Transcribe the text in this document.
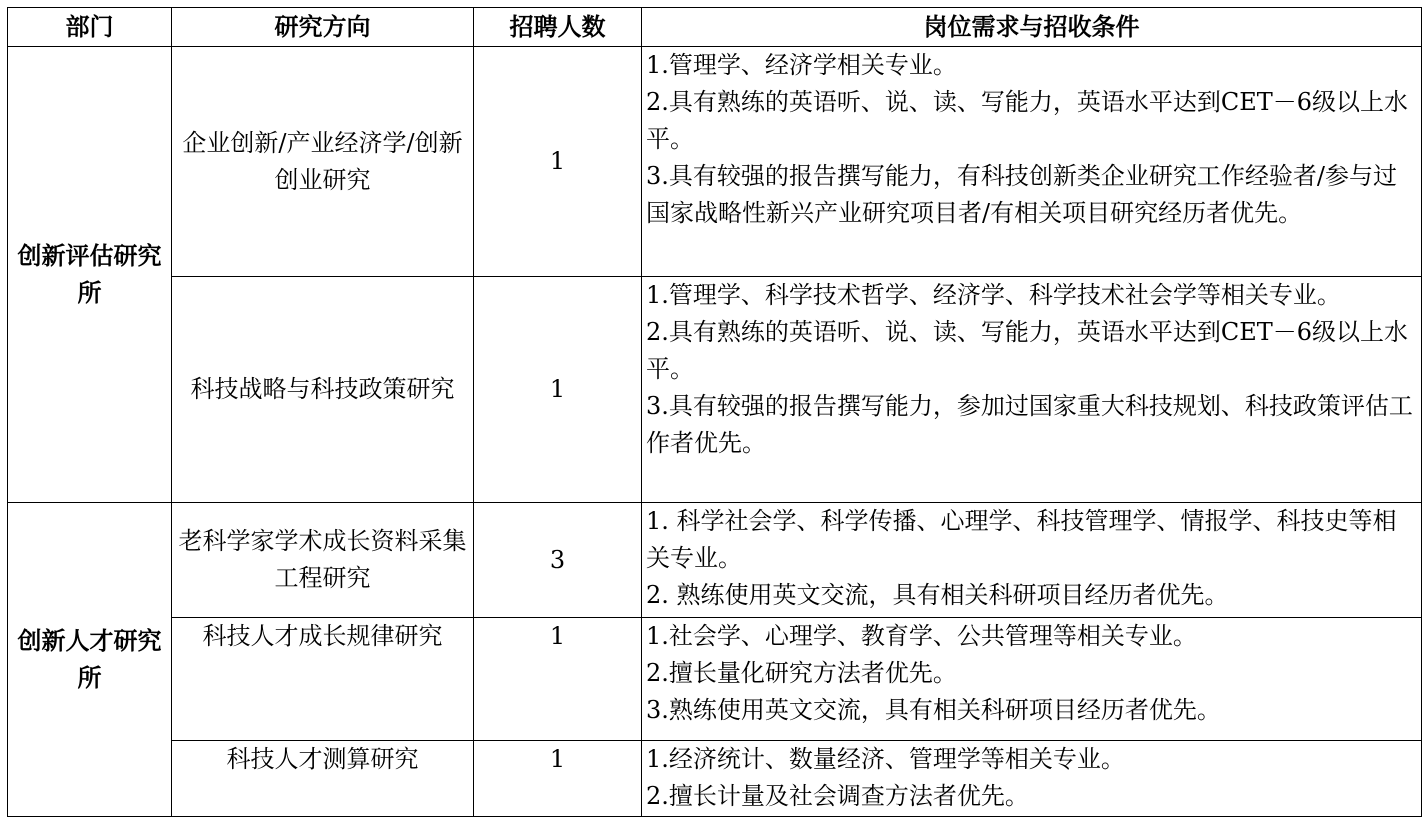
部门	研究方向	招聘人数	岗位需求与招收条件
创新评估研究所	企业创新/产业经济学/创新创业研究	1	1.管理学、经济学相关专业。
2.具有熟练的英语听、说、读、写能力，英语水平达到CET－6级以上水平。
3.具有较强的报告撰写能力，有科技创新类企业研究工作经验者/参与过国家战略性新兴产业研究项目者/有相关项目研究经历者优先。

	科技战略与科技政策研究	1	1.管理学、科学技术哲学、经济学、科学技术社会学等相关专业。
2.具有熟练的英语听、说、读、写能力，英语水平达到CET－6级以上水平。
3.具有较强的报告撰写能力，参加过国家重大科技规划、科技政策评估工作者优先。

创新人才研究所	老科学家学术成长资料采集工程研究	3	1. 科学社会学、科学传播、心理学、科技管理学、情报学、科技史等相关专业。
2. 熟练使用英文交流，具有相关科研项目经历者优先。

	科技人才成长规律研究	1	1.社会学、心理学、教育学、公共管理等相关专业。
2.擅长量化研究方法者优先。
3.熟练使用英文交流，具有相关科研项目经历者优先。

	科技人才测算研究	1	1.经济统计、数量经济、管理学等相关专业。
2.擅长计量及社会调查方法者优先。
